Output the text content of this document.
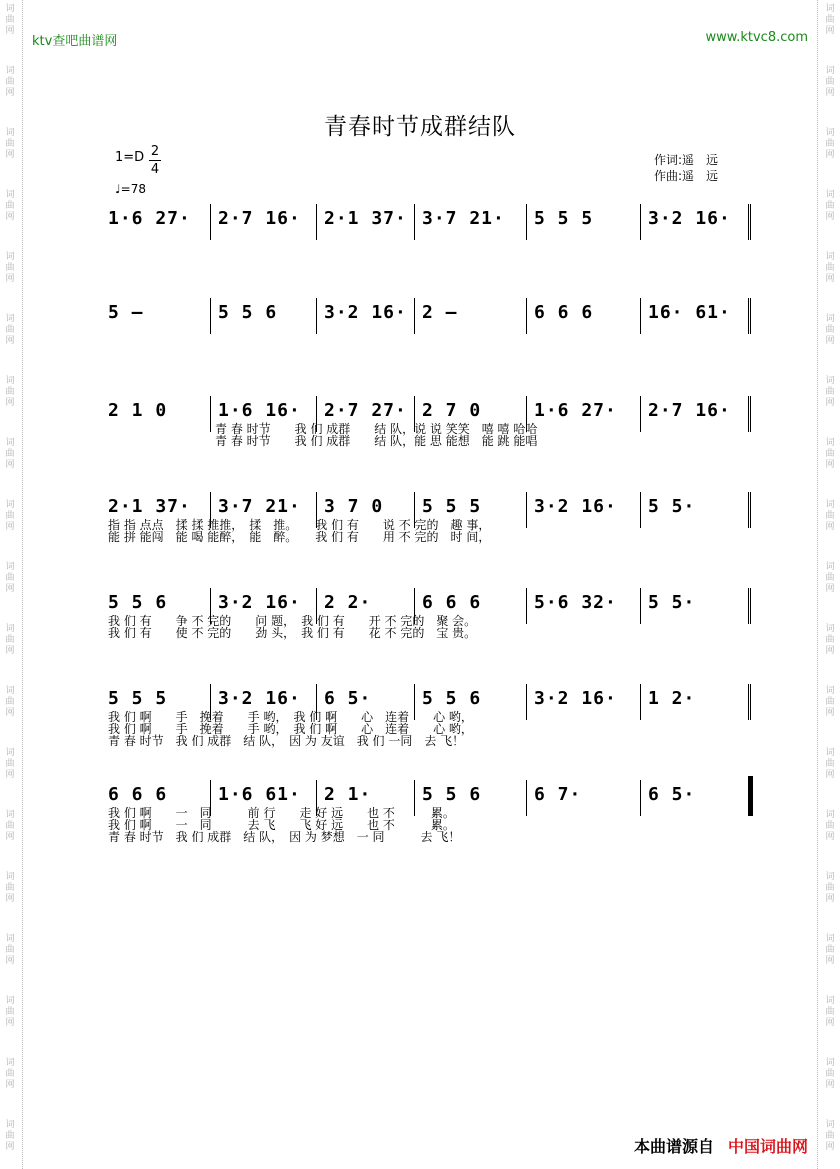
词
曲
网
词
曲
网
词
曲
网
词
曲
网
词
曲
网
词
曲
网
词
曲
网
词
曲
网
词
曲
网
词
曲
网
词
曲
网
词
曲
网
词
曲
网
词
曲
网
词
曲
网
词
曲
网
词
曲
网
词
曲
网
词
曲
网
词
曲
网
词
曲
网
词
曲
网
词
曲
网
词
曲
网
词
曲
网
词
曲
网
词
曲
网
词
曲
网
词
曲
网
词
曲
网
词
曲
网
词
曲
网
词
曲
网
词
曲
网
词
曲
网
词
曲
网
词
曲
网
词
曲
网
ktv查吧曲谱网	www.ktvc8.com
青春时节成群结队
1=D 2
4
♩=78
作词:遥　远
作曲:遥　远
1·6 27· 2·7 16· 2·1 37· 3·7 21· 5 5 5	3·2 16·
5 —	5 5 6	3·2 16· 2 —	6 6 6	16· 61·
2 1 0	1·6 16· 2·7 27· 2 7 0	1·6 27· 2·7 16·
2·1 37· 3·7 21· 3 7 0 5 5 5	3·2 16· 5 5·
5 5 6	3·2 16· 2 2·	6 6 6	5·6 32· 5 5·
5 5 5	3·2 16· 6 5·	5 5 6	3·2 16· 1 2·
6 6 6	1·6 61· 2 1·	5 5 6	6 7·	6 5·
本曲谱源自 中国词曲网
青 春 时节　　我 们 成群　　结 队，说 说 笑笑　嘻 嘻 哈哈
青 春 时节　　我 们 成群　　结 队，能 思 能想　能 跳 能唱
指 指 点点　揉 揉 推推，　揉　推。　　我 们 有　　说 不 完的　趣 事，
能 拼 能闯　能 喝 能醉，　能　醉。　　我 们 有　　用 不 完的　时 间，
我 们 有　　争 不 完的　　问 题，　我 们 有　　开 不 完的　聚 会。
我 们 有　　使 不 完的　　劲 头，　我 们 有　　花 不 完的　宝 贵。
我 们 啊　　手　挽着　　手 哟，　我 们 啊　　心　连着　　心 哟，
我 们 啊　　手　挽着　　手 哟，　我 们 啊　　心　连着　　心 哟，
青 春 时节　我 们 成群　结 队，　因 为 友谊　我 们 一同　去 飞！
我 们 啊　　一　同　　　前 行　　走 好 远　　也 不　　　累。
我 们 啊　　一　同　　　去 飞　　飞 好 远　　也 不　　　累。
青 春 时节　我 们 成群　结 队，　因 为 梦想　一 同　　　去 飞！
